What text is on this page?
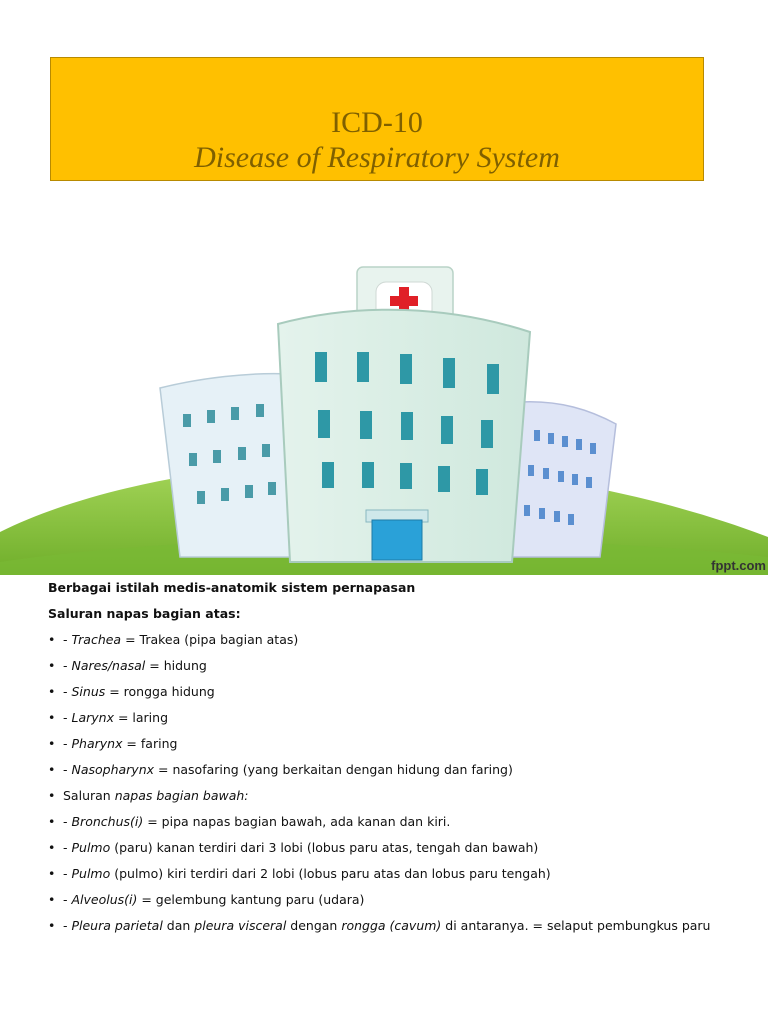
ICD-10
Disease of Respiratory System
fppt.com
Berbagai istilah medis-anatomik sistem pernapasan
Saluran napas bagian atas:
• - Trachea = Trakea (pipa bagian atas)
• - Nares/nasal = hidung
• - Sinus = rongga hidung
• - Larynx = laring
• - Pharynx = faring
• - Nasopharynx = nasofaring (yang berkaitan dengan hidung dan faring)
• Saluran napas bagian bawah:
• - Bronchus(i) = pipa napas bagian bawah, ada kanan dan kiri.
• - Pulmo (paru) kanan terdiri dari 3 lobi (lobus paru atas, tengah dan bawah)
• - Pulmo (pulmo) kiri terdiri dari 2 lobi (lobus paru atas dan lobus paru tengah)
• - Alveolus(i) = gelembung kantung paru (udara)
• - Pleura parietal dan pleura visceral dengan rongga (cavum) di antaranya. = selaput pembungkus paru
